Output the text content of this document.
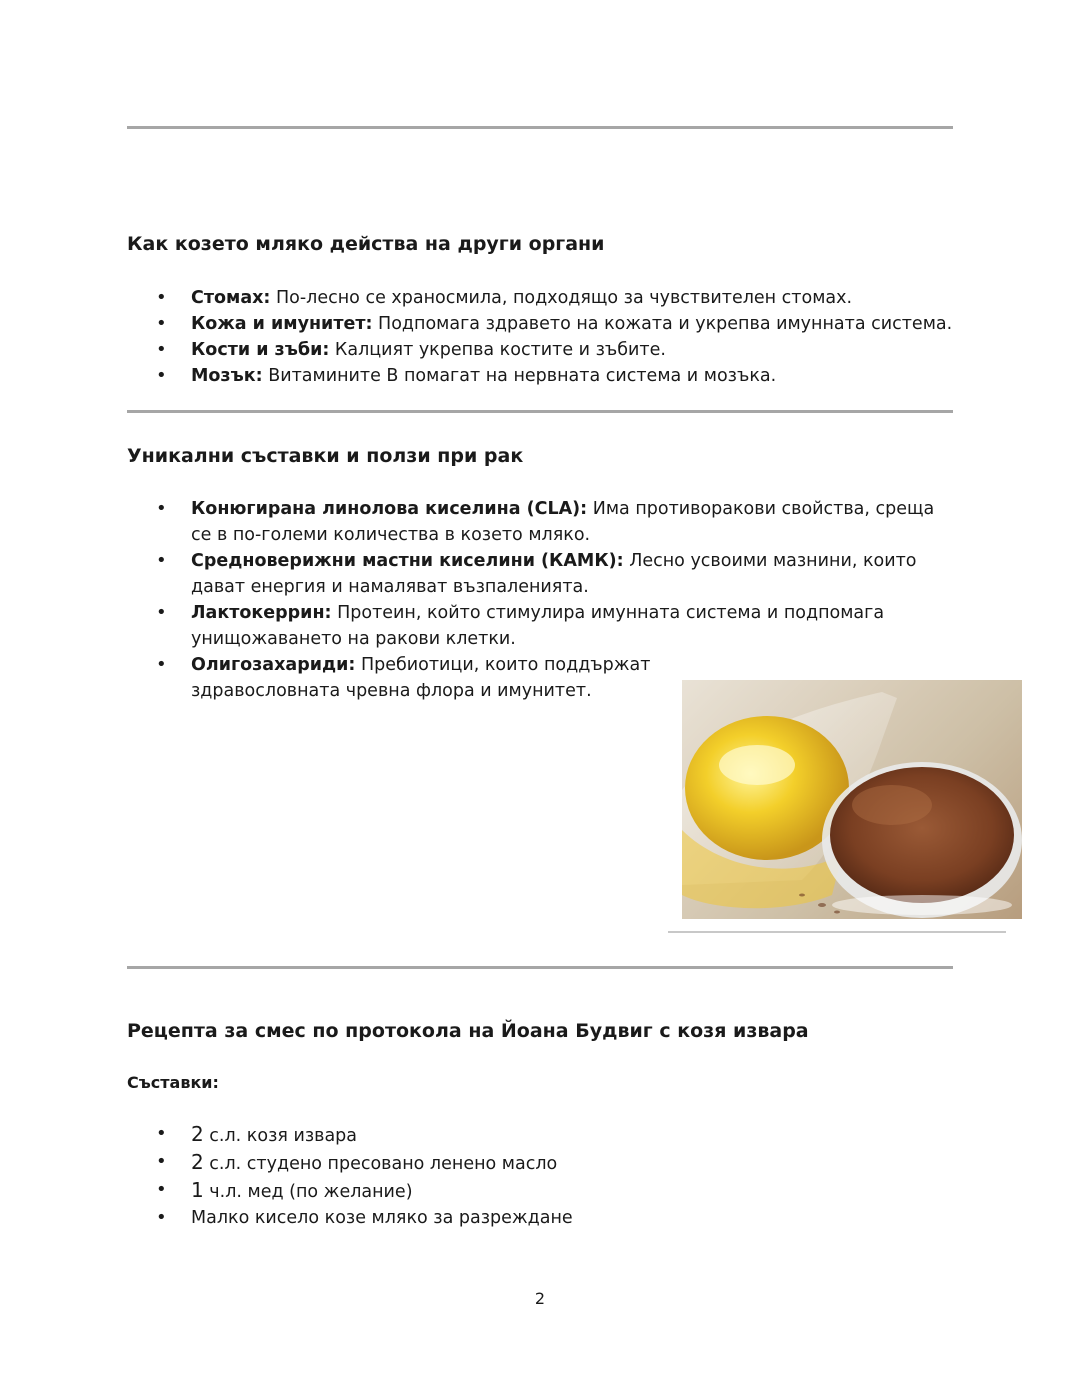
Как козето мляко действа на други органи
• Стомах: По-лесно се храносмила, подходящо за чувствителен стомах.
• Кожа и имунитет: Подпомага здравето на кожата и укрепва имунната система.
• Кости и зъби: Калцият укрепва костите и зъбите.
• Мозък: Витамините В помагат на нервната система и мозъка.
Уникални съставки и ползи при рак
• Конюгирана линолова киселина (CLA): Има противоракови свойства, среща се в по-големи количества в козето мляко.
• Средноверижни мастни киселини (КАМК): Лесно усвоими мазнини, които дават енергия и намаляват възпаленията.
• Лактокеррин: Протеин, който стимулира имунната система и подпомага унищожаването на ракови клетки.
• Олигозахариди: Пребиотици, които поддържат
здравословната чревна флора и имунитет.
Рецепта за смес по протокола на Йоана Будвиг с козя извара
Съставки:
• 2 с.л. козя извара
• 2 с.л. студено пресовано ленено масло
• 1 ч.л. мед (по желание)
• Малко кисело козе мляко за разреждане
2
